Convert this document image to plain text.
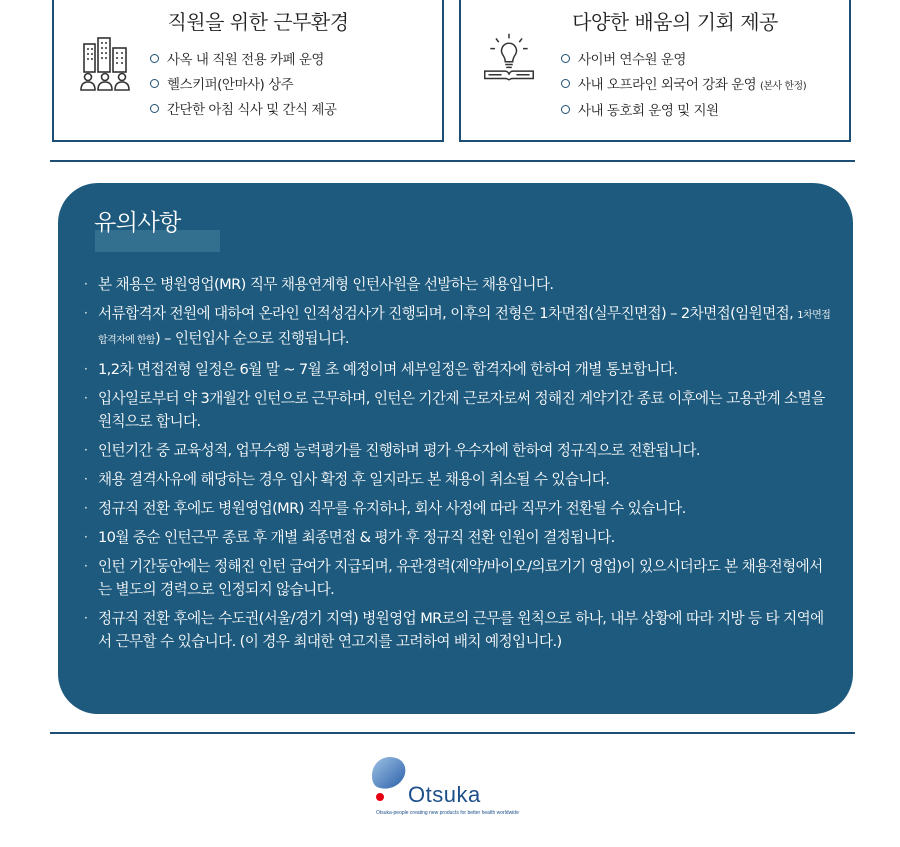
직원을 위한 근무환경
사옥 내 직원 전용 카페 운영
헬스키퍼(안마사) 상주
간단한 아침 식사 및 간식 제공
다양한 배움의 기회 제공
사이버 연수원 운영
사내 오프라인 외국어 강좌 운영 (본사 한정)
사내 동호회 운영 및 지원
유의사항
· 본 채용은 병원영업(MR) 직무 채용연계형 인턴사원을 선발하는 채용입니다.
· 서류합격자 전원에 대하여 온라인 인적성검사가 진행되며, 이후의 전형은 1차면접(실무진면접) – 2차면접(임원면접, 1차면접 합격자에 한함) – 인턴입사 순으로 진행됩니다.
· 1,2차 면접전형 일정은 6월 말 ~ 7월 초 예정이며 세부일정은 합격자에 한하여 개별 통보합니다.
· 입사일로부터 약 3개월간 인턴으로 근무하며, 인턴은 기간제 근로자로써 정해진 계약기간 종료 이후에는 고용관계 소멸을 원칙으로 합니다.
· 인턴기간 중 교육성적, 업무수행 능력평가를 진행하며 평가 우수자에 한하여 정규직으로 전환됩니다.
· 채용 결격사유에 해당하는 경우 입사 확정 후 일지라도 본 채용이 취소될 수 있습니다.
· 정규직 전환 후에도 병원영업(MR) 직무를 유지하나, 회사 사정에 따라 직무가 전환될 수 있습니다.
· 10월 중순 인턴근무 종료 후 개별 최종면접 & 평가 후 정규직 전환 인원이 결정됩니다.
· 인턴 기간동안에는 정해진 인턴 급여가 지급되며, 유관경력(제약/바이오/의료기기 영업)이 있으시더라도 본 채용전형에서는 별도의 경력으로 인정되지 않습니다.
· 정규직 전환 후에는 수도권(서울/경기 지역) 병원영업 MR로의 근무를 원칙으로 하나, 내부 상황에 따라 지방 등 타 지역에서 근무할 수 있습니다. (이 경우 최대한 연고지를 고려하여 배치 예정입니다.)
Otsuka
Otsuka-people creating new products for better health worldwide
